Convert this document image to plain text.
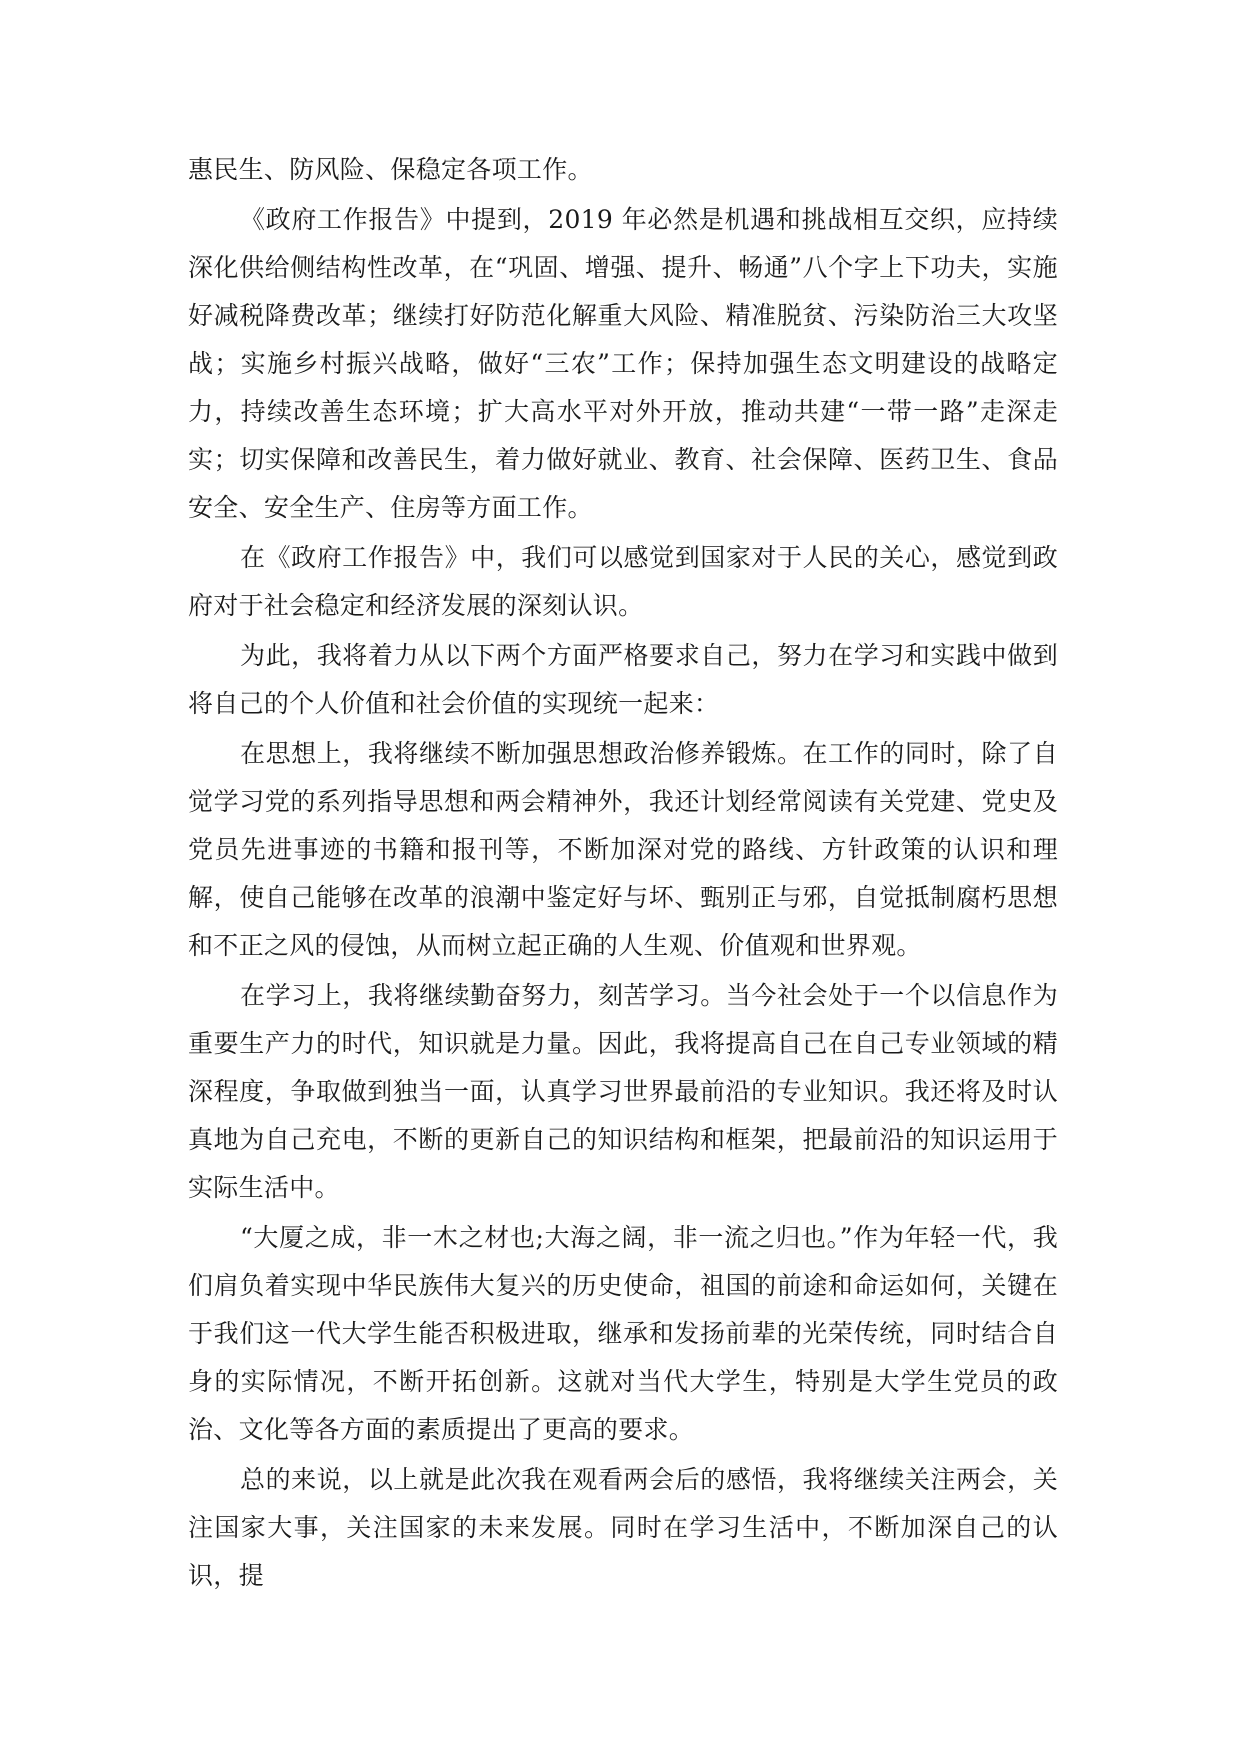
惠民生、防风险、保稳定各项工作。

《政府工作报告》中提到，2019 年必然是机遇和挑战相互交织，应持续深化供给侧结构性改革，在“巩固、增强、提升、畅通”八个字上下功夫，实施好减税降费改革；继续打好防范化解重大风险、精准脱贫、污染防治三大攻坚战；实施乡村振兴战略，做好“三农”工作；保持加强生态文明建设的战略定力，持续改善生态环境；扩大高水平对外开放，推动共建“一带一路”走深走实；切实保障和改善民生，着力做好就业、教育、社会保障、医药卫生、食品安全、安全生产、住房等方面工作。

在《政府工作报告》中，我们可以感觉到国家对于人民的关心，感觉到政府对于社会稳定和经济发展的深刻认识。

为此，我将着力从以下两个方面严格要求自己，努力在学习和实践中做到将自己的个人价值和社会价值的实现统一起来：

在思想上，我将继续不断加强思想政治修养锻炼。在工作的同时，除了自觉学习党的系列指导思想和两会精神外，我还计划经常阅读有关党建、党史及党员先进事迹的书籍和报刊等，不断加深对党的路线、方针政策的认识和理解，使自己能够在改革的浪潮中鉴定好与坏、甄别正与邪，自觉抵制腐朽思想和不正之风的侵蚀，从而树立起正确的人生观、价值观和世界观。

在学习上，我将继续勤奋努力，刻苦学习。当今社会处于一个以信息作为重要生产力的时代，知识就是力量。因此，我将提高自己在自己专业领域的精深程度，争取做到独当一面，认真学习世界最前沿的专业知识。我还将及时认真地为自己充电，不断的更新自己的知识结构和框架，把最前沿的知识运用于实际生活中。

“大厦之成，非一木之材也;大海之阔，非一流之归也。”作为年轻一代，我们肩负着实现中华民族伟大复兴的历史使命，祖国的前途和命运如何，关键在于我们这一代大学生能否积极进取，继承和发扬前辈的光荣传统，同时结合自身的实际情况，不断开拓创新。这就对当代大学生，特别是大学生党员的政治、文化等各方面的素质提出了更高的要求。

总的来说，以上就是此次我在观看两会后的感悟，我将继续关注两会，关注国家大事，关注国家的未来发展。同时在学习生活中，不断加深自己的认识，提
